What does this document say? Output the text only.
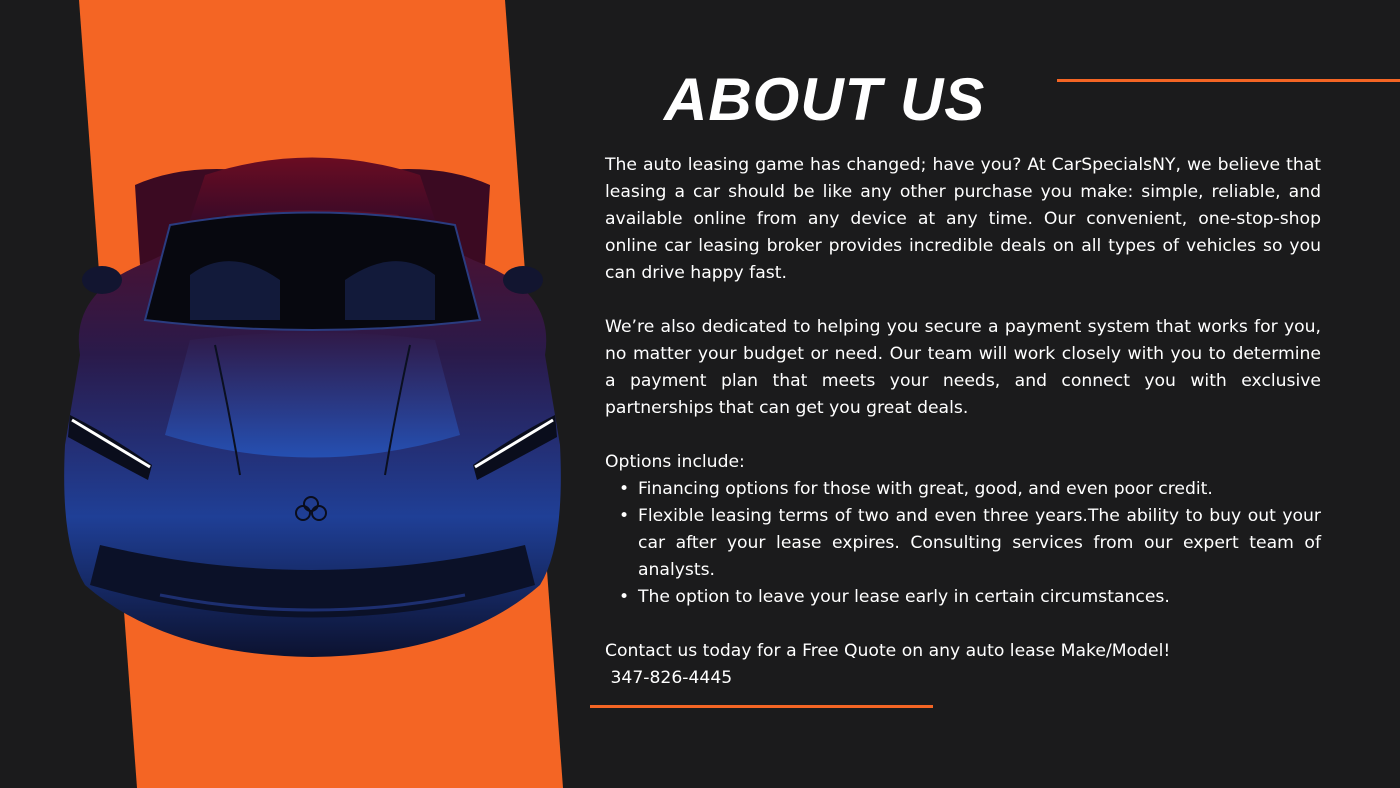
ABOUT US

The auto leasing game has changed; have you? At CarSpecialsNY, we believe that leasing a car should be like any other purchase you make: simple, reliable, and available online from any device at any time. Our convenient, one-stop-shop online car leasing broker provides incredible deals on all types of vehicles so you can drive happy fast.

We’re also dedicated to helping you secure a payment system that works for you, no matter your budget or need. Our team will work closely with you to determine a payment plan that meets your needs, and connect you with exclusive partnerships that can get you great deals.

Options include:

• Financing options for those with great, good, and even poor credit.
• Flexible leasing terms of two and even three years.The ability to buy out your car after your lease expires. Consulting services from our expert team of analysts.
• The option to leave your lease early in certain circumstances.

Contact us today for a Free Quote on any auto lease Make/Model!

347-826-4445
